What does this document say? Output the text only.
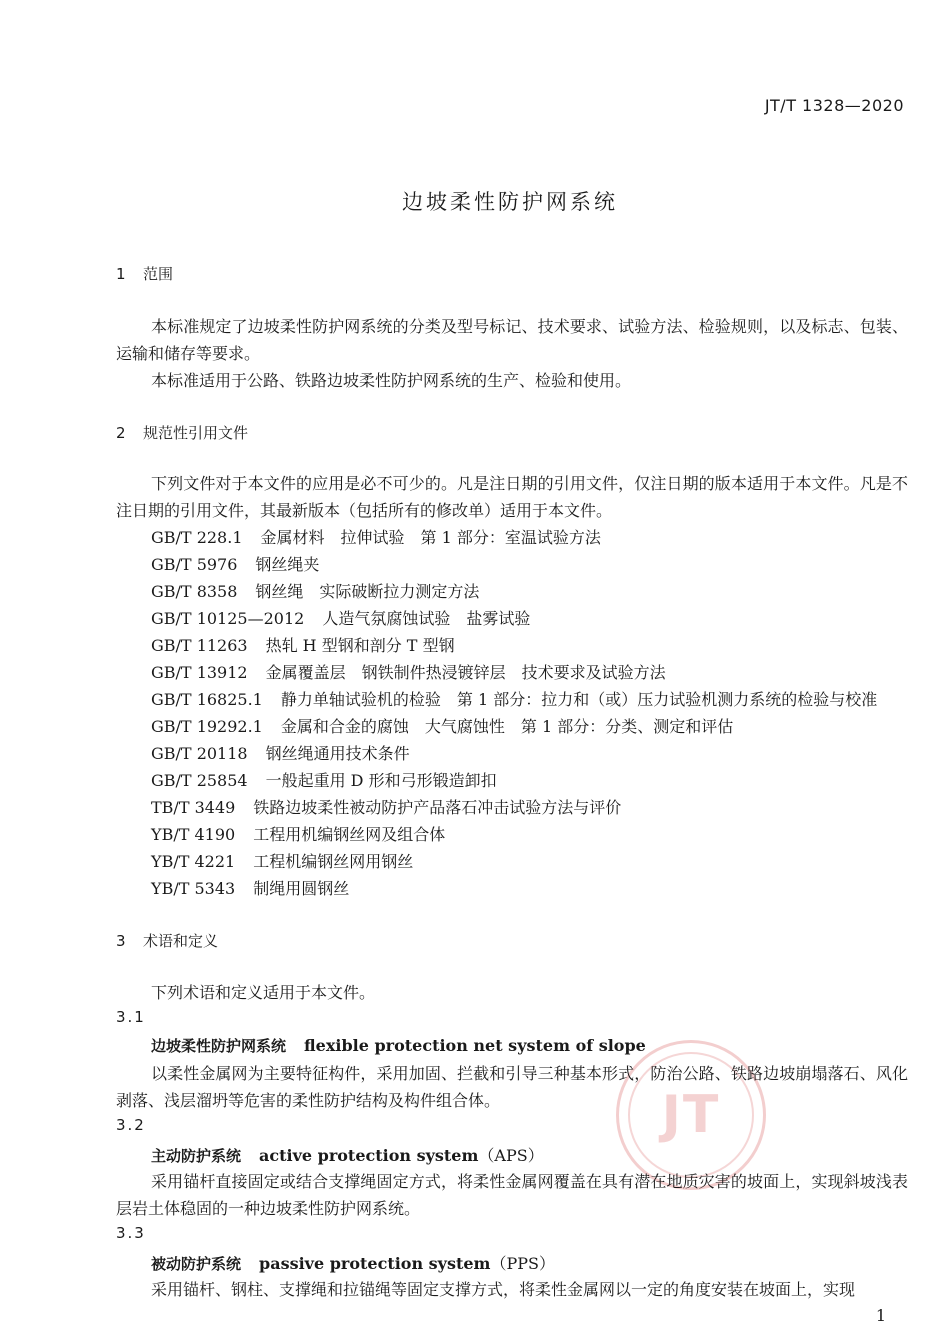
JT/T 1328—2020
边坡柔性防护网系统
1 范围

本标准规定了边坡柔性防护网系统的分类及型号标记、技术要求、试验方法、检验规则，以及标志、包装、运输和储存等要求。

本标准适用于公路、铁路边坡柔性防护网系统的生产、检验和使用。

2 规范性引用文件

下列文件对于本文件的应用是必不可少的。凡是注日期的引用文件，仅注日期的版本适用于本文件。凡是不注日期的引用文件，其最新版本（包括所有的修改单）适用于本文件。

GB/T 228.1 金属材料　拉伸试验　第 1 部分：室温试验方法
GB/T 5976 钢丝绳夹
GB/T 8358 钢丝绳　实际破断拉力测定方法
GB/T 10125—2012 人造气氛腐蚀试验　盐雾试验
GB/T 11263 热轧 H 型钢和剖分 T 型钢
GB/T 13912 金属覆盖层　钢铁制件热浸镀锌层　技术要求及试验方法
GB/T 16825.1 静力单轴试验机的检验　第 1 部分：拉力和（或）压力试验机测力系统的检验与校准
GB/T 19292.1 金属和合金的腐蚀　大气腐蚀性　第 1 部分：分类、测定和评估
GB/T 20118 钢丝绳通用技术条件
GB/T 25854 一般起重用 D 形和弓形锻造卸扣
TB/T 3449 铁路边坡柔性被动防护产品落石冲击试验方法与评价
YB/T 4190 工程用机编钢丝网及组合体
YB/T 4221 工程机编钢丝网用钢丝
YB/T 5343 制绳用圆钢丝
3 术语和定义

下列术语和定义适用于本文件。

JT
3.1
边坡柔性防护网系统 flexible protection net system of slope

以柔性金属网为主要特征构件，采用加固、拦截和引导三种基本形式，防治公路、铁路边坡崩塌落石、风化剥落、浅层溜坍等危害的柔性防护结构及构件组合体。

3.2
主动防护系统 active protection system（APS）

采用锚杆直接固定或结合支撑绳固定方式，将柔性金属网覆盖在具有潜在地质灾害的坡面上，实现斜坡浅表层岩土体稳固的一种边坡柔性防护网系统。

3.3
被动防护系统 passive protection system（PPS）

采用锚杆、钢柱、支撑绳和拉锚绳等固定支撑方式，将柔性金属网以一定的角度安装在坡面上，实现

1
